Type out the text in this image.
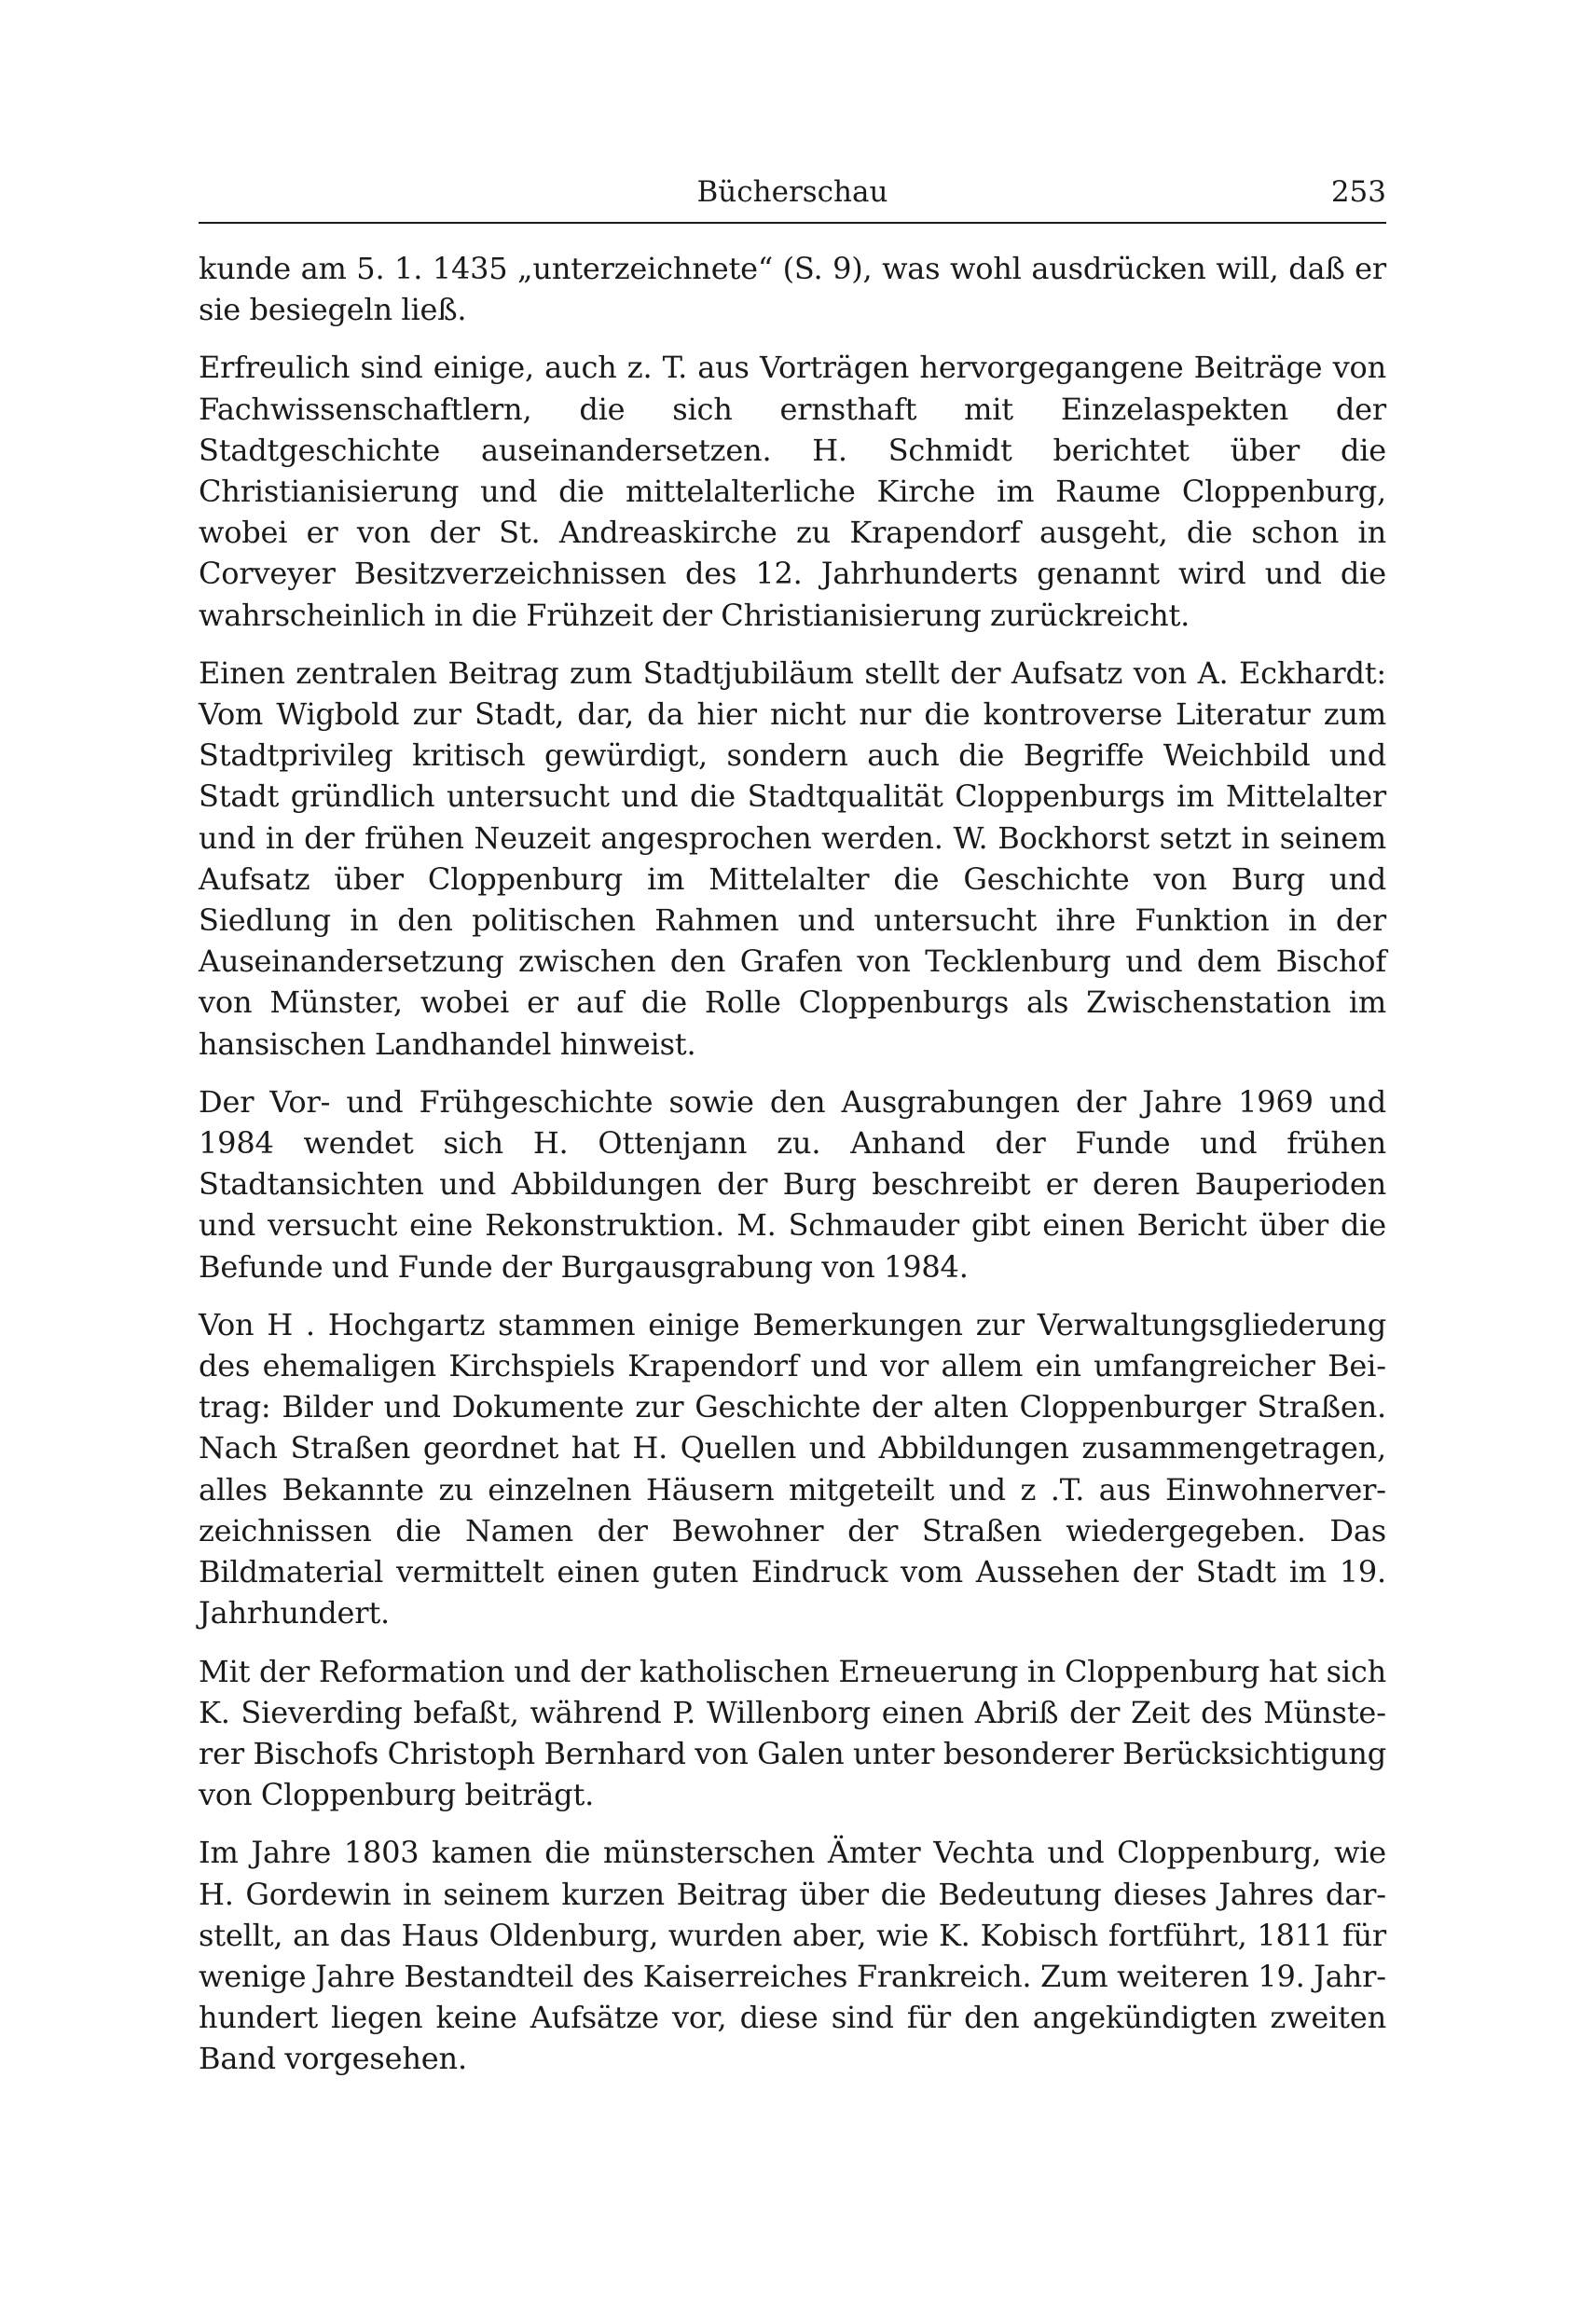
Bücherschau	253

kunde am 5. 1. 1435 „unterzeichnete“ (S. 9), was wohl ausdrücken will, daß er sie besiegeln ließ.

Erfreulich sind einige, auch z. T. aus Vorträgen hervorgegangene Beiträge von Fachwissenschaftlern, die sich ernsthaft mit Einzelaspekten der Stadtgeschichte auseinandersetzen. H. Schmidt berichtet über die Christianisierung und die mittelalterliche Kirche im Raume Cloppenburg, wobei er von der St. Andreaskirche zu Krapendorf ausgeht, die schon in Corveyer Besitzverzeichnissen des 12. Jahrhunderts genannt wird und die wahrscheinlich in die Frühzeit der Christianisierung zurückreicht.

Einen zentralen Beitrag zum Stadtjubiläum stellt der Aufsatz von A. Eckhardt: Vom Wigbold zur Stadt, dar, da hier nicht nur die kontroverse Literatur zum Stadtprivileg kritisch gewürdigt, sondern auch die Begriffe Weichbild und Stadt gründlich untersucht und die Stadtqualität Cloppenburgs im Mittelalter und in der frühen Neuzeit angesprochen werden. W. Bockhorst setzt in seinem Aufsatz über Cloppenburg im Mittelalter die Geschichte von Burg und Siedlung in den politischen Rahmen und untersucht ihre Funktion in der Auseinandersetzung zwischen den Grafen von Tecklenburg und dem Bischof von Münster, wobei er auf die Rolle Cloppenburgs als Zwischenstation im hansischen Landhandel hinweist.

Der Vor- und Frühgeschichte sowie den Ausgrabungen der Jahre 1969 und 1984 wendet sich H. Ottenjann zu. Anhand der Funde und frühen Stadtansichten und Abbildungen der Burg beschreibt er deren Bauperioden und versucht eine Rekonstruktion. M. Schmauder gibt einen Bericht über die Befunde und Funde der Burgausgrabung von 1984.

Von H . Hochgartz stammen einige Bemerkungen zur Verwaltungsgliederung des ehemaligen Kirchspiels Krapendorf und vor allem ein umfangreicher Beitrag: Bilder und Dokumente zur Geschichte der alten Cloppenburger Straßen. Nach Straßen geordnet hat H. Quellen und Abbildungen zusammengetragen, alles Bekannte zu einzelnen Häusern mitgeteilt und z .T. aus Einwohnerverzeichnissen die Namen der Bewohner der Straßen wiedergegeben. Das Bildmaterial vermittelt einen guten Eindruck vom Aussehen der Stadt im 19. Jahrhundert.

Mit der Reformation und der katholischen Erneuerung in Cloppenburg hat sich K. Sieverding befaßt, während P. Willenborg einen Abriß der Zeit des Münsterer Bischofs Christoph Bernhard von Galen unter besonderer Berücksichtigung von Cloppenburg beiträgt.

Im Jahre 1803 kamen die münsterschen Ämter Vechta und Cloppenburg, wie H. Gordewin in seinem kurzen Beitrag über die Bedeutung dieses Jahres darstellt, an das Haus Oldenburg, wurden aber, wie K. Kobisch fortführt, 1811 für wenige Jahre Bestandteil des Kaiserreiches Frankreich. Zum weiteren 19. Jahrhundert liegen keine Aufsätze vor, diese sind für den angekündigten zweiten Band vorgesehen.
